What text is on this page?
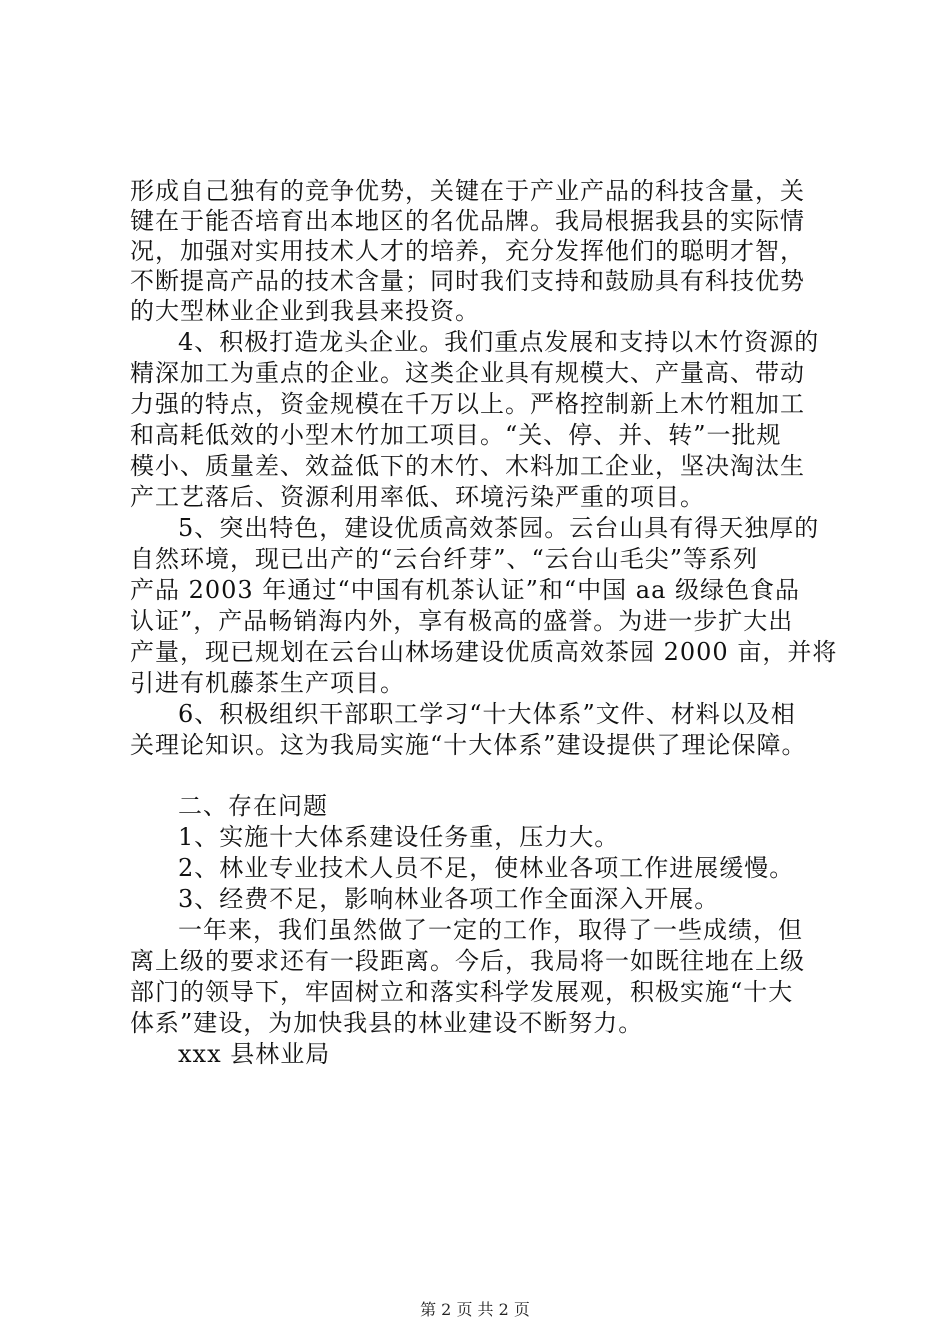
形成自己独有的竞争优势，关键在于产业产品的科技含量，关
键在于能否培育出本地区的名优品牌。我局根据我县的实际情
况，加强对实用技术人才的培养，充分发挥他们的聪明才智，
不断提高产品的技术含量；同时我们支持和鼓励具有科技优势
的大型林业企业到我县来投资。
4、积极打造龙头企业。我们重点发展和支持以木竹资源的
精深加工为重点的企业。这类企业具有规模大、产量高、带动
力强的特点，资金规模在千万以上。严格控制新上木竹粗加工
和高耗低效的小型木竹加工项目。“关、停、并、转”一批规
模小、质量差、效益低下的木竹、木料加工企业，坚决淘汰生
产工艺落后、资源利用率低、环境污染严重的项目。
5、突出特色，建设优质高效茶园。云台山具有得天独厚的
自然环境，现已出产的“云台纤芽”、“云台山毛尖”等系列
产品 2003 年通过“中国有机茶认证”和“中国 aa 级绿色食品
认证”，产品畅销海内外，享有极高的盛誉。为进一步扩大出
产量，现已规划在云台山林场建设优质高效茶园 2000 亩，并将
引进有机藤茶生产项目。
6、积极组织干部职工学习“十大体系”文件、材料以及相
关理论知识。这为我局实施“十大体系”建设提供了理论保障。
二、存在问题
1、实施十大体系建设任务重，压力大。
2、林业专业技术人员不足，使林业各项工作进展缓慢。
3、经费不足，影响林业各项工作全面深入开展。
一年来，我们虽然做了一定的工作，取得了一些成绩，但
离上级的要求还有一段距离。今后，我局将一如既往地在上级
部门的领导下，牢固树立和落实科学发展观，积极实施“十大
体系”建设，为加快我县的林业建设不断努力。
xxx 县林业局
第 2 页 共 2 页
